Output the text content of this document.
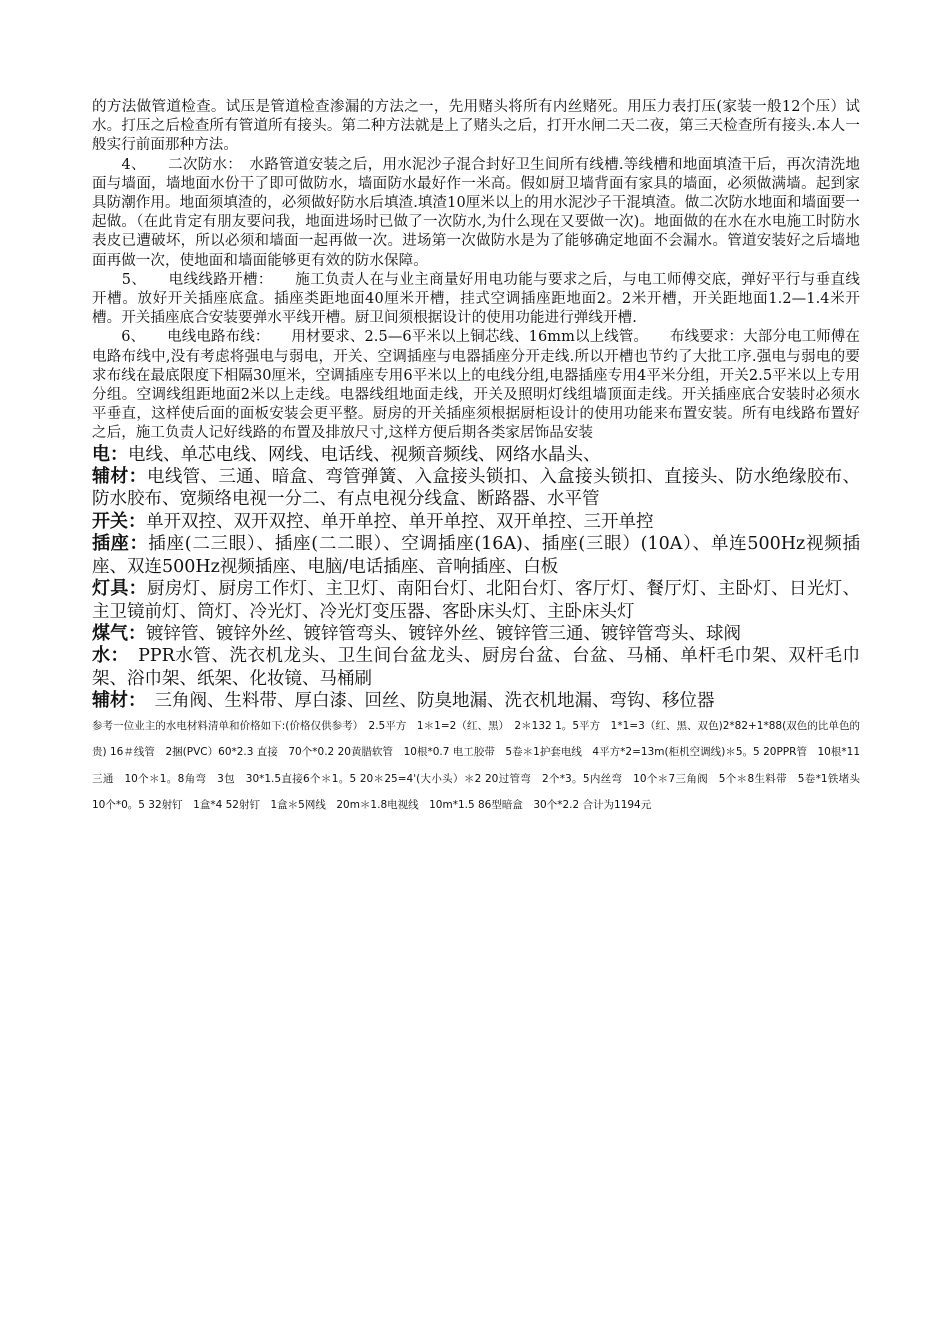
的方法做管道检查。试压是管道检查渗漏的方法之一，先用赌头将所有内丝赌死。用压力表打压(家装一般12个压）试水。打压之后检查所有管道所有接头。第二种方法就是上了赌头之后，打开水闸二天二夜，第三天检查所有接头.本人一般实行前面那种方法。

　　4、　　二次防水：　水路管道安装之后，用水泥沙子混合封好卫生间所有线槽.等线槽和地面填渣干后，再次清洗地面与墙面，墙地面水份干了即可做防水，墙面防水最好作一米高。假如厨卫墙背面有家具的墙面，必须做满墙。起到家具防潮作用。地面须填渣的，必须做好防水后填渣.填渣10厘米以上的用水泥沙子干混填渣。做二次防水地面和墙面要一起做。（在此肯定有朋友要问我，地面进场时已做了一次防水,为什么现在又要做一次)。地面做的在水在水电施工时防水表皮已遭破坏，所以必须和墙面一起再做一次。进场第一次做防水是为了能够确定地面不会漏水。管道安装好之后墙地面再做一次，使地面和墙面能够更有效的防水保障。

　　5、　　电线线路开槽：　　施工负责人在与业主商量好用电功能与要求之后，与电工师傅交底，弹好平行与垂直线开槽。放好开关插座底盒。插座类距地面40厘米开槽，挂式空调插座距地面2。2米开槽，开关距地面1.2—1.4米开槽。开关插座底合安装要弹水平线开槽。厨卫间须根据设计的使用功能进行弹线开槽.

　　6、　　电线电路布线：　　用材要求、2.5—6平米以上铜芯线、16mm以上线管。　　布线要求：大部分电工师傅在电路布线中,没有考虑将强电与弱电，开关、空调插座与电器插座分开走线.所以开槽也节约了大批工序.强电与弱电的要求布线在最底限度下相隔30厘米，空调插座专用6平米以上的电线分组,电器插座专用4平米分组，开关2.5平米以上专用分组。空调线组距地面2米以上走线。电器线组地面走线，开关及照明灯线组墙顶面走线。开关插座底合安装时必须水平垂直，这样使后面的面板安装会更平整。厨房的开关插座须根据厨柜设计的使用功能来布置安装。所有电线路布置好之后，施工负责人记好线路的布置及排放尺寸,这样方便后期各类家居饰品安装

电：电线、单芯电线、网线、电话线、视频音频线、网络水晶头、

辅材：电线管、三通、暗盒、弯管弹簧、入盒接头锁扣、入盒接头锁扣、直接头、防水绝缘胶布、防水胶布、宽频络电视一分二、有点电视分线盒、断路器、水平管

开关：单开双控、双开双控、单开单控、单开单控、双开单控、三开单控

插座：插座(二三眼）、插座(二二眼）、空调插座(16A)、插座(三眼）(10A）、单连500Hz视频插座、双连500Hz视频插座、电脑/电话插座、音响插座、白板

灯具：厨房灯、厨房工作灯、主卫灯、南阳台灯、北阳台灯、客厅灯、餐厅灯、主卧灯、日光灯、主卫镜前灯、筒灯、冷光灯、冷光灯变压器、客卧床头灯、主卧床头灯

煤气：镀锌管、镀锌外丝、镀锌管弯头、镀锌外丝、镀锌管三通、镀锌管弯头、球阀

水：　PPR水管、洗衣机龙头、卫生间台盆龙头、厨房台盆、台盆、马桶、单杆毛巾架、双杆毛巾架、浴巾架、纸架、化妆镜、马桶刷

辅材：　三角阀、生料带、厚白漆、回丝、防臭地漏、洗衣机地漏、弯钩、移位器

参考一位业主的水电材料清单和价格如下:(价格仅供参考）　2.5平方　1＊1=2（红、黑）　2＊132 1。5平方　1*1=3（红、黑、双色)2*82+1*88(双色的比单色的贵) 16＃线管　2捆(PVC）60*2.3 直接　70个*0.2 20黄腊软管　10根*0.7 电工胶带　5卷＊1护套电线　4平方*2=13m(柜机空调线)＊5。5 20PPR管　10根*11 三通　10个＊1。8角弯　3包　30*1.5直接6个＊1。5 20＊25=4'(大小头）＊2 20过管弯　2个*3。5内丝弯　10个＊7三角阀　5个＊8生料带　5卷*1铁堵头　10个*0。5 32射钉　1盒*4 52射钉　1盒＊5网线　20m＊1.8电视线　10m*1.5 86型暗盒　30个*2.2 合计为1194元
